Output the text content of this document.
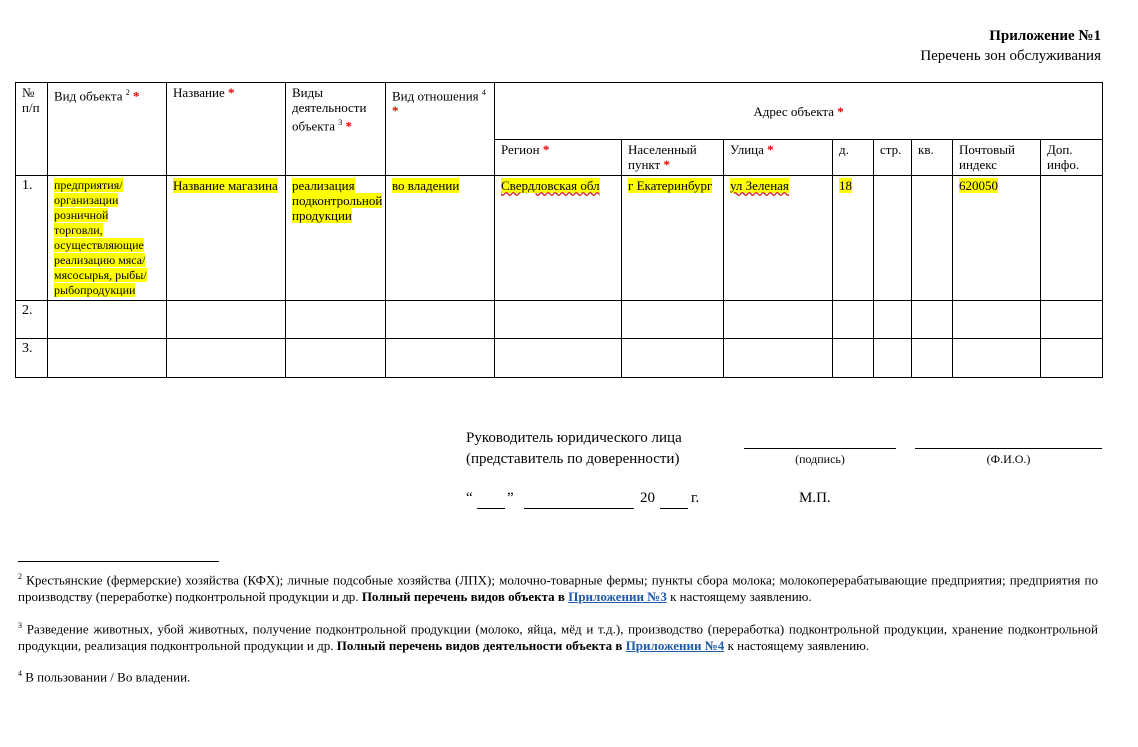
Приложение №1
Перечень зон обслуживания
№ п/п	Вид объекта $^2$ *	Название *	Виды деятельности объекта $^3$ *	Вид отношения $^4$ *	Адрес объекта *							
					Регион *	Населенный пункт *	Улица *	д.	стр.	кв.	Почтовый индекс	Доп. инфо.
1.	предприятия/организации розничной торговли, осуществляющие реализацию мяса/мясосырья, рыбы/рыбопродукции	Название магазина	реализация подконтрольной продукции	во владении	Свердловская обл	г Екатеринбург	ул Зеленая	18			620050	
2.												
3.												
Руководитель юридического лица
(представитель по доверенности)	(подпись)	(Ф.И.О.)
“ ”	20 г.	М.П.
$^2$ Крестьянские (фермерские) хозяйства (КФХ); личные подсобные хозяйства (ЛПХ); молочно-товарные фермы; пункты сбора молока; молокоперерабатывающие предприятия; предприятия по производству (переработке) подконтрольной продукции и др. Полный перечень видов объекта в Приложении №3 к настоящему заявлению.
$^3$ Разведение животных, убой животных, получение подконтрольной продукции (молоко, яйца, мёд и т.д.), производство (переработка) подконтрольной продукции, хранение подконтрольной продукции, реализация подконтрольной продукции и др. Полный перечень видов деятельности объекта в Приложении №4 к настоящему заявлению.
$^4$ В пользовании / Во владении.
